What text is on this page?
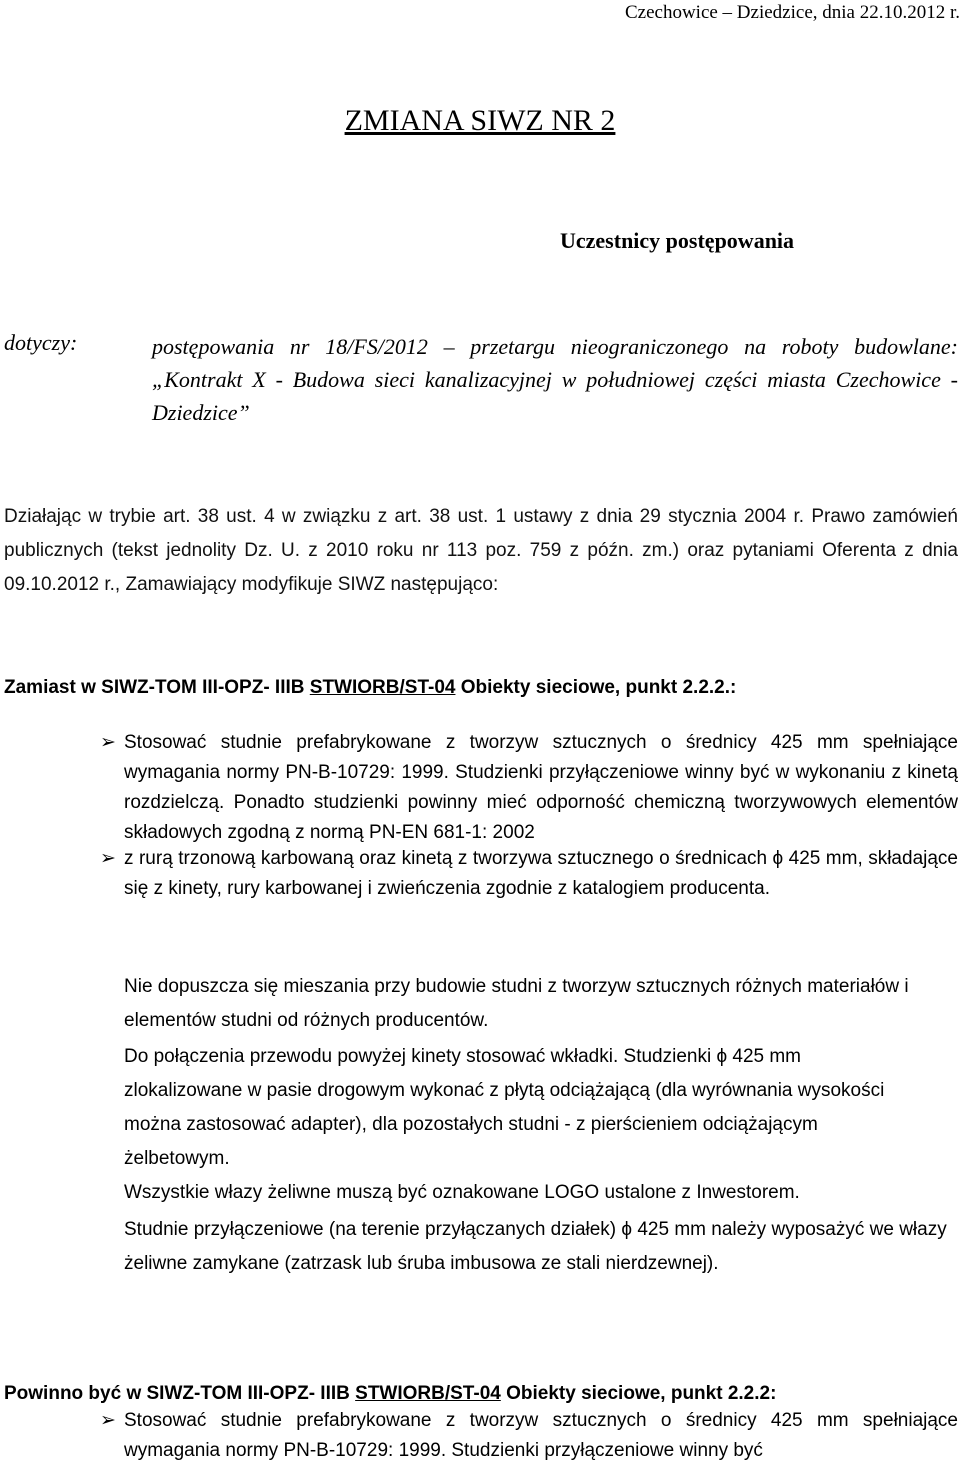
Czechowice – Dziedzice, dnia 22.10.2012 r.
ZMIANA SIWZ NR 2
Uczestnicy postępowania
dotyczy:	postępowania nr 18/FS/2012 – przetargu nieograniczonego na roboty budowlane: „Kontrakt X - Budowa sieci kanalizacyjnej w południowej części miasta Czechowice - Dziedzice”
Działając w trybie art. 38 ust. 4 w związku z art. 38 ust. 1 ustawy z dnia 29 stycznia 2004 r. Prawo zamówień publicznych (tekst jednolity Dz. U. z 2010 roku nr 113 poz. 759 z późn. zm.) oraz pytaniami Oferenta z dnia 09.10.2012 r., Zamawiający modyfikuje SIWZ następująco:
Zamiast w SIWZ-TOM III-OPZ- IIIB STWIORB/ST-04 Obiekty sieciowe, punkt 2.2.2.:
➢ Stosować studnie prefabrykowane z tworzyw sztucznych o średnicy 425 mm spełniające wymagania normy PN-B-10729: 1999. Studzienki przyłączeniowe winny być w wykonaniu z kinetą rozdzielczą. Ponadto studzienki powinny mieć odporność chemiczną tworzywowych elementów składowych zgodną z normą PN-EN 681-1: 2002
➢ z rurą trzonową karbowaną oraz kinetą z tworzywa sztucznego o średnicach ϕ 425 mm, składające się z kinety, rury karbowanej i zwieńczenia zgodnie z katalogiem producenta.
Nie dopuszcza się mieszania przy budowie studni z tworzyw sztucznych różnych materiałów i elementów studni od różnych producentów.
Do połączenia przewodu powyżej kinety stosować wkładki. Studzienki ϕ 425 mm zlokalizowane w pasie drogowym wykonać z płytą odciążającą (dla wyrównania wysokości można zastosować adapter), dla pozostałych studni - z pierścieniem odciążającym żelbetowym.
Wszystkie włazy żeliwne muszą być oznakowane LOGO ustalone z Inwestorem.
Studnie przyłączeniowe (na terenie przyłączanych działek) ϕ 425 mm należy wyposażyć we włazy żeliwne zamykane (zatrzask lub śruba imbusowa ze stali nierdzewnej).
Powinno być w SIWZ-TOM III-OPZ- IIIB STWIORB/ST-04 Obiekty sieciowe, punkt 2.2.2:
➢ Stosować studnie prefabrykowane z tworzyw sztucznych o średnicy 425 mm spełniające wymagania normy PN-B-10729: 1999. Studzienki przyłączeniowe winny być
